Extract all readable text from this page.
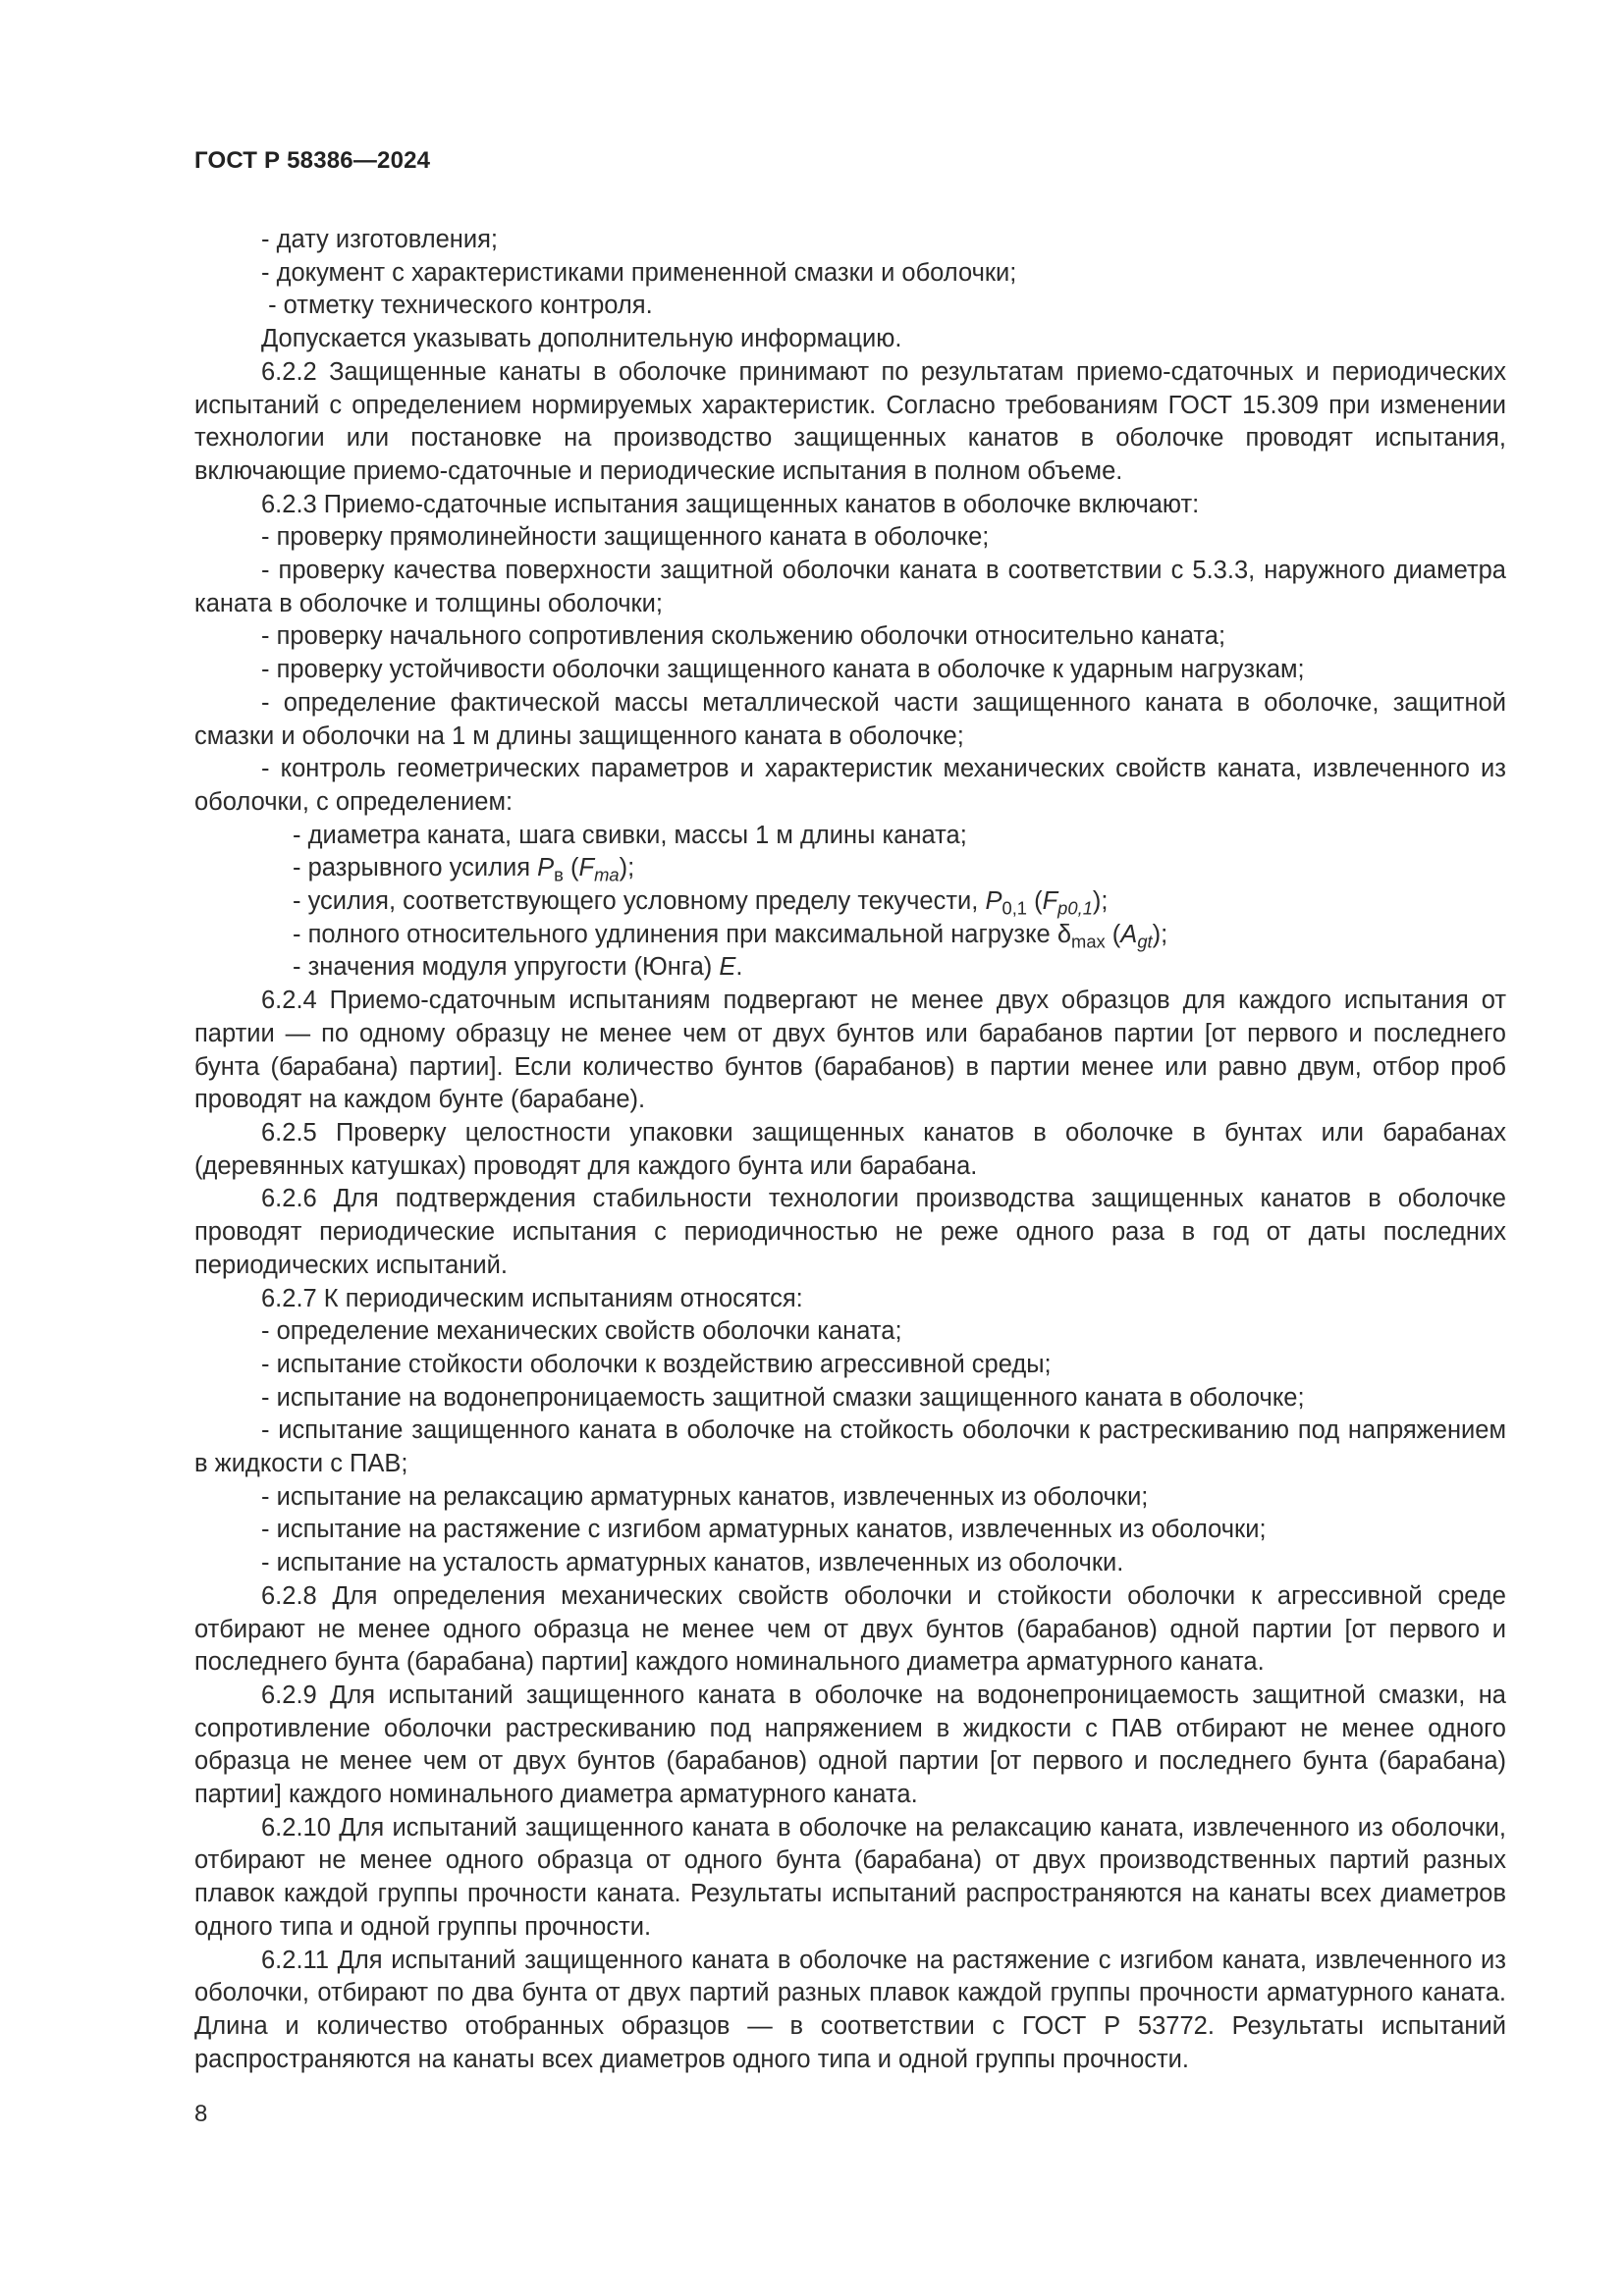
ГОСТ Р 58386—2024

- дату изготовления;

- документ с характеристиками примененной смазки и оболочки;

- отметку технического контроля.

Допускается указывать дополнительную информацию.

6.2.2 Защищенные канаты в оболочке принимают по результатам приемо-сдаточных и периодических испытаний с определением нормируемых характеристик. Согласно требованиям ГОСТ 15.309 при изменении технологии или постановке на производство защищенных канатов в оболочке проводят испытания, включающие приемо-сдаточные и периодические испытания в полном объеме.

6.2.3 Приемо-сдаточные испытания защищенных канатов в оболочке включают:

- проверку прямолинейности защищенного каната в оболочке;

- проверку качества поверхности защитной оболочки каната в соответствии с 5.3.3, наружного диаметра каната в оболочке и толщины оболочки;

- проверку начального сопротивления скольжению оболочки относительно каната;

- проверку устойчивости оболочки защищенного каната в оболочке к ударным нагрузкам;

- определение фактической массы металлической части защищенного каната в оболочке, защитной смазки и оболочки на 1 м длины защищенного каната в оболочке;

- контроль геометрических параметров и характеристик механических свойств каната, извлеченного из оболочки, с определением:

- диаметра каната, шага свивки, массы 1 м длины каната;

- разрывного усилия $P_в$ $(F_{ma})$;

- усилия, соответствующего условному пределу текучести, $P_{0,1}$ $(F_{p0,1})$;

- полного относительного удлинения при максимальной нагрузке $\delta_{max}$ $(A_{gt})$;

- значения модуля упругости (Юнга) E.

6.2.4 Приемо-сдаточным испытаниям подвергают не менее двух образцов для каждого испытания от партии — по одному образцу не менее чем от двух бунтов или барабанов партии [от первого и последнего бунта (барабана) партии]. Если количество бунтов (барабанов) в партии менее или равно двум, отбор проб проводят на каждом бунте (барабане).

6.2.5 Проверку целостности упаковки защищенных канатов в оболочке в бунтах или барабанах (деревянных катушках) проводят для каждого бунта или барабана.

6.2.6 Для подтверждения стабильности технологии производства защищенных канатов в оболочке проводят периодические испытания с периодичностью не реже одного раза в год от даты последних периодических испытаний.

6.2.7 К периодическим испытаниям относятся:

- определение механических свойств оболочки каната;

- испытание стойкости оболочки к воздействию агрессивной среды;

- испытание на водонепроницаемость защитной смазки защищенного каната в оболочке;

- испытание защищенного каната в оболочке на стойкость оболочки к растрескиванию под напряжением в жидкости с ПАВ;

- испытание на релаксацию арматурных канатов, извлеченных из оболочки;

- испытание на растяжение с изгибом арматурных канатов, извлеченных из оболочки;

- испытание на усталость арматурных канатов, извлеченных из оболочки.

6.2.8 Для определения механических свойств оболочки и стойкости оболочки к агрессивной среде отбирают не менее одного образца не менее чем от двух бунтов (барабанов) одной партии [от первого и последнего бунта (барабана) партии] каждого номинального диаметра арматурного каната.

6.2.9 Для испытаний защищенного каната в оболочке на водонепроницаемость защитной смазки, на сопротивление оболочки растрескиванию под напряжением в жидкости с ПАВ отбирают не менее одного образца не менее чем от двух бунтов (барабанов) одной партии [от первого и последнего бунта (барабана) партии] каждого номинального диаметра арматурного каната.

6.2.10 Для испытаний защищенного каната в оболочке на релаксацию каната, извлеченного из оболочки, отбирают не менее одного образца от одного бунта (барабана) от двух производственных партий разных плавок каждой группы прочности каната. Результаты испытаний распространяются на канаты всех диаметров одного типа и одной группы прочности.

6.2.11 Для испытаний защищенного каната в оболочке на растяжение с изгибом каната, извлеченного из оболочки, отбирают по два бунта от двух партий разных плавок каждой группы прочности арматурного каната. Длина и количество отобранных образцов — в соответствии с ГОСТ Р 53772. Результаты испытаний распространяются на канаты всех диаметров одного типа и одной группы прочности.

8
